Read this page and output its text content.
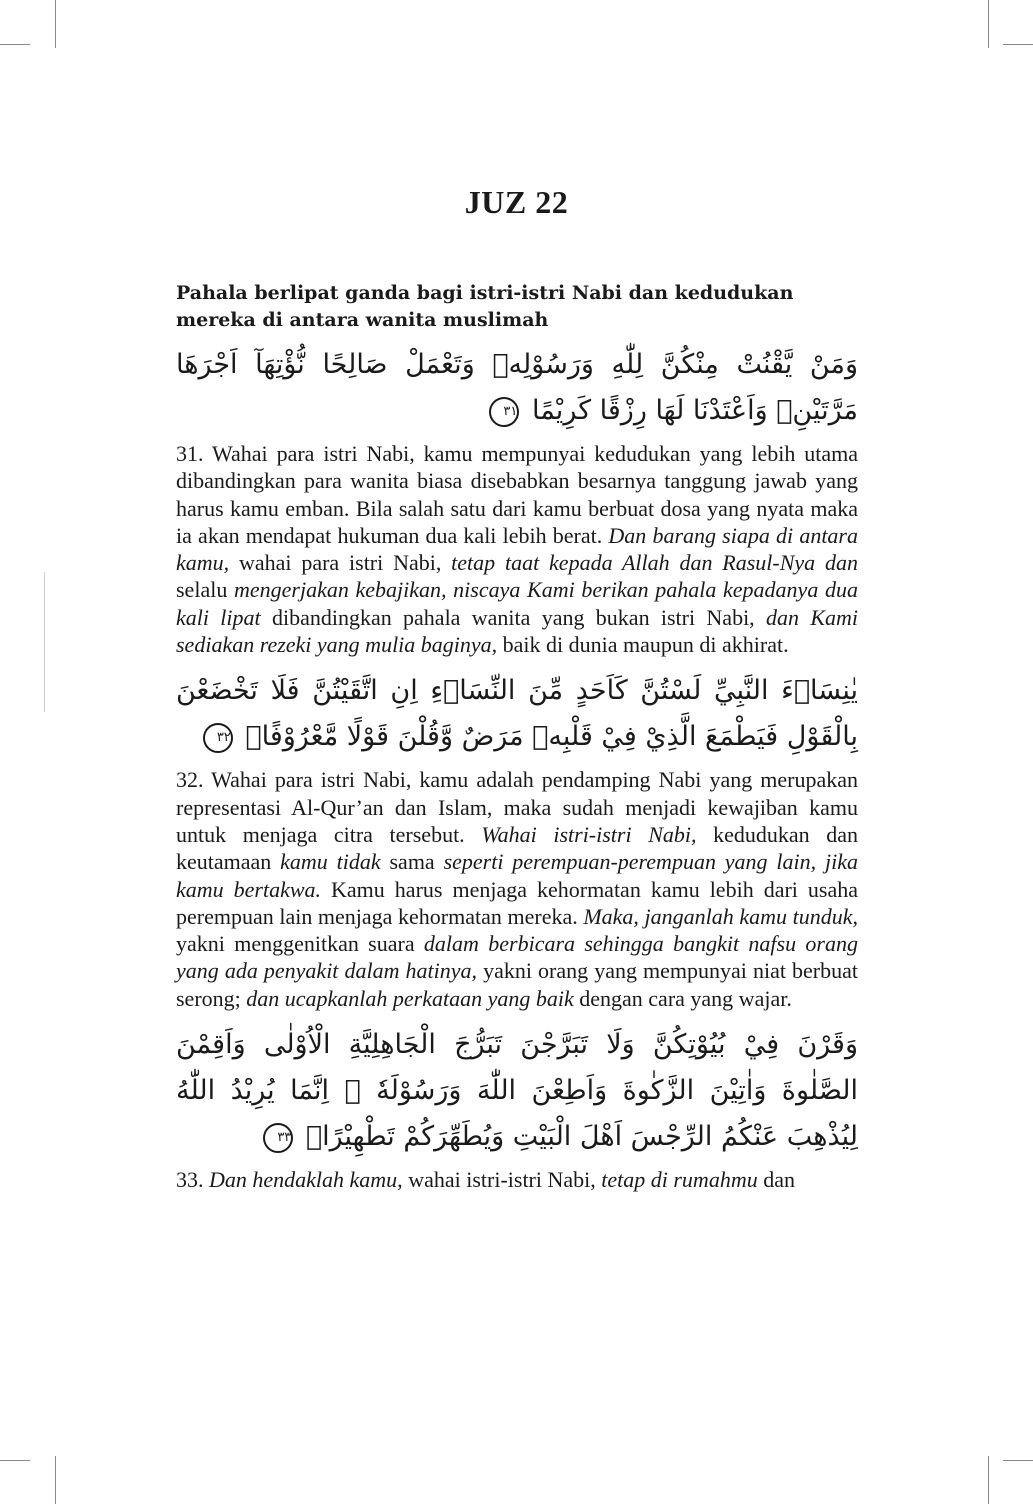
JUZ 22
Pahala berlipat ganda bagi istri-istri Nabi dan kedudukan mereka di antara wanita muslimah
وَمَنْ يَّقْنُتْ مِنْكُنَّ لِلّٰهِ وَرَسُوْلِهٖ وَتَعْمَلْ صَالِحًا نُّؤْتِهَآ اَجْرَهَا مَرَّتَيْنِۙ وَاَعْتَدْنَا لَهَا رِزْقًا كَرِيْمًا ٣١

31. Wahai para istri Nabi, kamu mempunyai kedudukan yang lebih utama dibandingkan para wanita biasa disebabkan besarnya tanggung jawab yang harus kamu emban. Bila salah satu dari kamu berbuat dosa yang nyata maka ia akan mendapat hukuman dua kali lebih berat. Dan barang siapa di antara kamu, wahai para istri Nabi, tetap taat kepada Allah dan Rasul-Nya dan selalu mengerjakan kebajikan, niscaya Kami berikan pahala kepadanya dua kali lipat dibandingkan pahala wanita yang bukan istri Nabi, dan Kami sediakan rezeki yang mulia baginya, baik di dunia maupun di akhirat.

يٰنِسَاۤءَ النَّبِيِّ لَسْتُنَّ كَاَحَدٍ مِّنَ النِّسَاۤءِ اِنِ اتَّقَيْتُنَّ فَلَا تَخْضَعْنَ بِالْقَوْلِ فَيَطْمَعَ الَّذِيْ فِيْ قَلْبِهٖ مَرَضٌ وَّقُلْنَ قَوْلًا مَّعْرُوْفًاۚ ٣٢

32. Wahai para istri Nabi, kamu adalah pendamping Nabi yang merupakan representasi Al-Qur’an dan Islam, maka sudah menjadi kewajiban kamu untuk menjaga citra tersebut. Wahai istri-istri Nabi, kedudukan dan keutamaan kamu tidak sama seperti perempuan-perempuan yang lain, jika kamu bertakwa. Kamu harus menjaga kehormatan kamu lebih dari usaha perempuan lain menjaga kehormatan mereka. Maka, janganlah kamu tunduk, yakni menggenitkan suara dalam berbicara sehingga bangkit nafsu orang yang ada penyakit dalam hatinya, yakni orang yang mempunyai niat berbuat serong; dan ucapkanlah perkataan yang baik dengan cara yang wajar.

وَقَرْنَ فِيْ بُيُوْتِكُنَّ وَلَا تَبَرَّجْنَ تَبَرُّجَ الْجَاهِلِيَّةِ الْاُوْلٰى وَاَقِمْنَ الصَّلٰوةَ وَاٰتِيْنَ الزَّكٰوةَ وَاَطِعْنَ اللّٰهَ وَرَسُوْلَهٗ ۗ اِنَّمَا يُرِيْدُ اللّٰهُ لِيُذْهِبَ عَنْكُمُ الرِّجْسَ اَهْلَ الْبَيْتِ وَيُطَهِّرَكُمْ تَطْهِيْرًاۚ ٣٣

33. Dan hendaklah kamu, wahai istri-istri Nabi, tetap di rumahmu dan
